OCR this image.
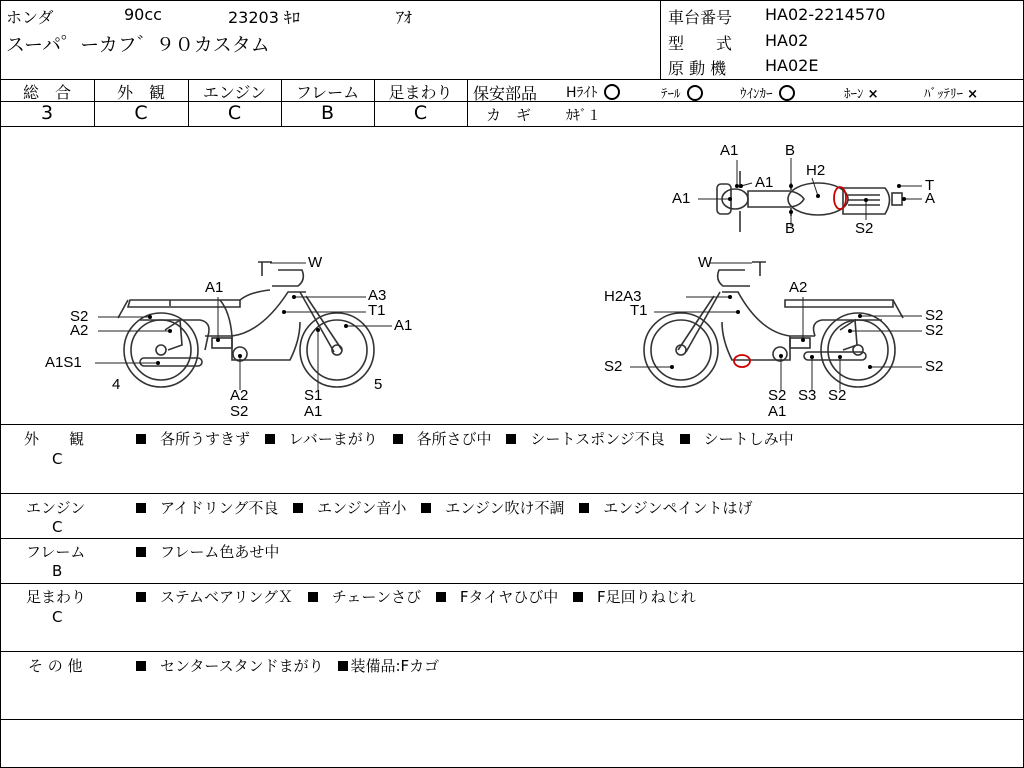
ホンダ	90cc	23203 ｷﾛ	ｱｵ
スーパ゜ーカフ゛９０カスタム
車台番号 HA02-2214570
型　　式 HA02
原 動 機 HA02E
総　合	外　観	エンジン	フレーム	足まわり
3	C	C	B	C
保安部品 Hﾗｲﾄ	ﾃｰﾙ	ｳｲﾝｶｰ	ﾎｰﾝ ×	ﾊﾞｯﾃﾘｰ ×
カ　ギ ｶｷﾞ１
A1	B
H2
A1
A1
T
A
B	S2
W
A1	A3
S2	T1
A2	A1
A1S1
4
A2
S2
S1
A1
5
W
H2A3
A2
S2
T1
S2
S2	S2
S2 S3 S2
A1
外　　観
C
各所うすきず	レバーまがり	各所さび中	シートスポンジ不良	シートしみ中
エンジン
C
アイドリング不良	エンジン音小	エンジン吹け不調	エンジンペイントはげ
フレーム
B
フレーム色あせ中
足まわり
C
ステムベアリングＸ	チェーンさび	Fタイヤひび中	F足回りねじれ
そ の 他	センタースタンドまがり 装備品:Fカゴ
